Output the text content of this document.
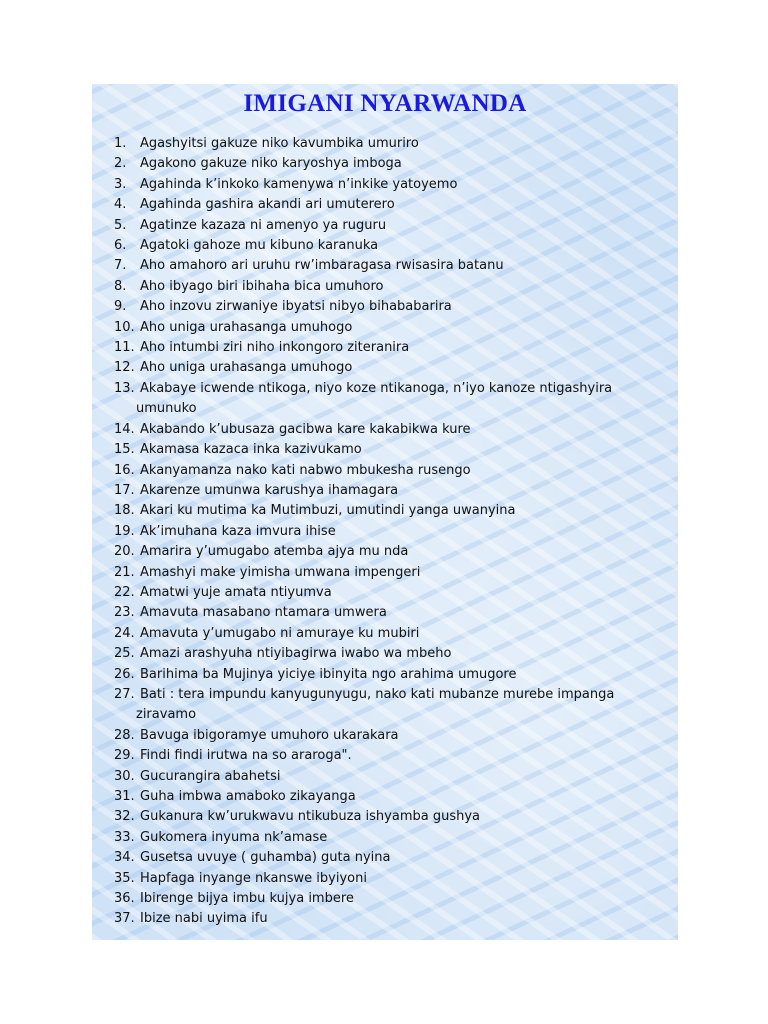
IMIGANI NYARWANDA
1.	Agashyitsi gakuze niko kavumbika umuriro
2.	Agakono gakuze niko karyoshya imboga
3.	Agahinda k’inkoko kamenywa n’inkike yatoyemo
4.	Agahinda gashira akandi ari umuterero
5.	Agatinze kazaza ni amenyo ya ruguru
6.	Agatoki gahoze mu kibuno karanuka
7.	Aho amahoro ari uruhu rw’imbaragasa rwisasira batanu
8.	Aho ibyago biri ibihaha bica umuhoro
9.	Aho inzovu zirwaniye ibyatsi nibyo bihababarira
10. Aho uniga urahasanga umuhogo
11. Aho intumbi ziri niho inkongoro ziteranira
12. Aho uniga urahasanga umuhogo
13. Akabaye icwende ntikoga, niyo koze ntikanoga, n’iyo kanoze ntigashyira
umunuko
14. Akabando k’ubusaza gacibwa kare kakabikwa kure
15. Akamasa kazaca inka kazivukamo
16. Akanyamanza nako kati nabwo mbukesha rusengo
17. Akarenze umunwa karushya ihamagara
18. Akari ku mutima ka Mutimbuzi, umutindi yanga uwanyina
19. Ak’imuhana kaza imvura ihise
20. Amarira y’umugabo atemba ajya mu nda
21. Amashyi make yimisha umwana impengeri
22. Amatwi yuje amata ntiyumva
23. Amavuta masabano ntamara umwera
24. Amavuta y’umugabo ni amuraye ku mubiri
25. Amazi arashyuha ntiyibagirwa iwabo wa mbeho
26. Barihima ba Mujinya yiciye ibinyita ngo arahima umugore
27. Bati : tera impundu kanyugunyugu, nako kati mubanze murebe impanga
ziravamo
28. Bavuga ibigoramye umuhoro ukarakara
29. Findi findi irutwa na so araroga".
30. Gucurangira abahetsi
31. Guha imbwa amaboko zikayanga
32. Gukanura kw’urukwavu ntikubuza ishyamba gushya
33. Gukomera inyuma nk’amase
34. Gusetsa uvuye ( guhamba) guta nyina
35. Hapfaga inyange nkanswe ibyiyoni
36. Ibirenge bijya imbu kujya imbere
37. Ibize nabi uyima ifu
